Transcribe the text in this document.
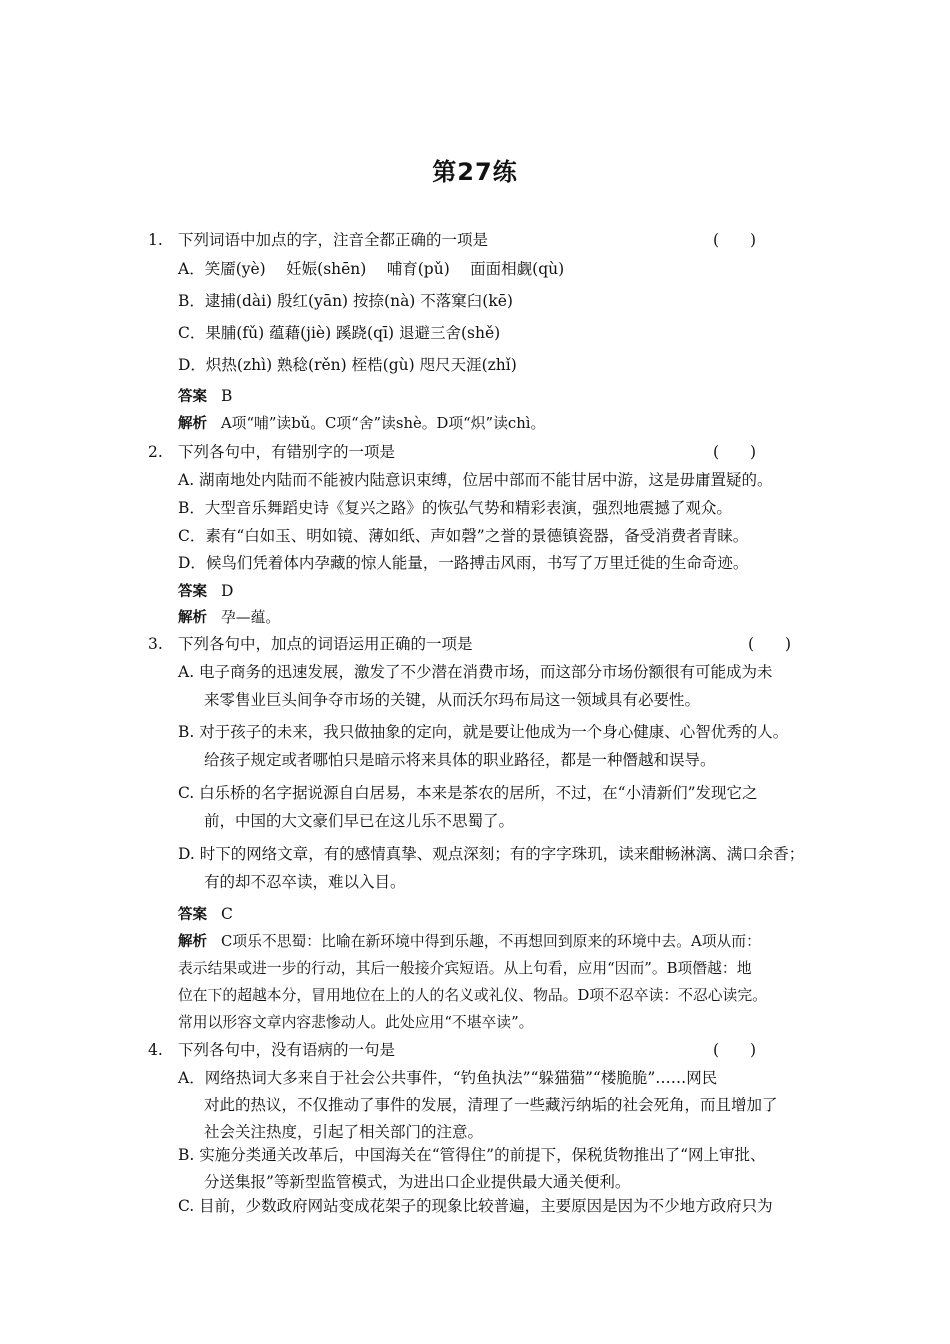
第27练
1. 下列词语中加点的字，注音全都正确的一项是	(　　)
A．笑靥(yè)　 妊娠(shēn)　 哺育(pǔ)　 面面相觑(qù)
B．逮捕(dài) 殷红(yān) 按捺(nà) 不落窠臼(kē)
C．果脯(fǔ) 蕴藉(jiè) 蹊跷(qī) 退避三舍(shě)
D．炽热(zhì) 熟稔(rěn) 桎梏(gù) 咫尺天涯(zhǐ)
答案 B
解析 A项“哺”读bǔ。C项“舍”读shè。D项“炽”读chì。
2. 下列各句中，有错别字的一项是	(　　)
A. 湖南地处内陆而不能被内陆意识束缚，位居中部而不能甘居中游，这是毋庸置疑的。
B．大型音乐舞蹈史诗《复兴之路》的恢弘气势和精彩表演，强烈地震撼了观众。
C．素有“白如玉、明如镜、薄如纸、声如磬”之誉的景德镇瓷器，备受消费者青睐。
D．候鸟们凭着体内孕藏的惊人能量，一路搏击风雨，书写了万里迁徙的生命奇迹。
答案 D
解析 孕—蕴。
3. 下列各句中，加点的词语运用正确的一项是	(　　)
A. 电子商务的迅速发展，激发了不少潜在消费市场，而这部分市场份额很有可能成为未
来零售业巨头间争夺市场的关键，从而沃尔玛布局这一领域具有必要性。
B. 对于孩子的未来，我只做抽象的定向，就是要让他成为一个身心健康、心智优秀的人。
给孩子规定或者哪怕只是暗示将来具体的职业路径，都是一种僭越和误导。
C. 白乐桥的名字据说源自白居易，本来是茶农的居所，不过，在“小清新们”发现它之
前，中国的大文豪们早已在这儿乐不思蜀了。
D. 时下的网络文章，有的感情真挚、观点深刻；有的字字珠玑，读来酣畅淋漓、满口余香；
有的却不忍卒读，难以入目。
答案 C
解析 C项乐不思蜀：比喻在新环境中得到乐趣，不再想回到原来的环境中去。A项从而：
表示结果或进一步的行动，其后一般接介宾短语。从上句看，应用“因而”。B项僭越：地
位在下的超越本分，冒用地位在上的人的名义或礼仪、物品。D项不忍卒读：不忍心读完。
常用以形容文章内容悲惨动人。此处应用“不堪卒读”。
4. 下列各句中，没有语病的一句是	(　　)
A．网络热词大多来自于社会公共事件，“钓鱼执法”“躲猫猫”“楼脆脆”……网民
对此的热议，不仅推动了事件的发展，清理了一些藏污纳垢的社会死角，而且增加了
社会关注热度，引起了相关部门的注意。
B. 实施分类通关改革后，中国海关在“管得住”的前提下，保税货物推出了“网上审批、
分送集报”等新型监管模式，为进出口企业提供最大通关便利。
C. 目前，少数政府网站变成花架子的现象比较普遍，主要原因是因为不少地方政府只为
